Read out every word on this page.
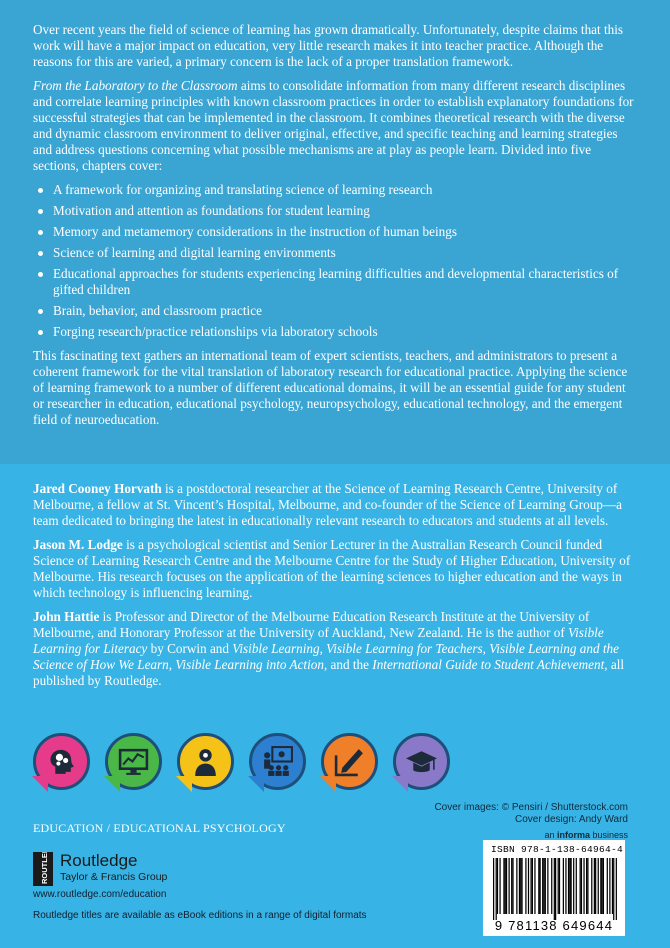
Over recent years the field of science of learning has grown dramatically. Unfortunately, despite claims that this work will have a major impact on education, very little research makes it into teacher practice. Although the reasons for this are varied, a primary concern is the lack of a proper translation framework.

From the Laboratory to the Classroom aims to consolidate information from many different research disciplines and correlate learning principles with known classroom practices in order to establish explanatory foundations for successful strategies that can be implemented in the classroom. It combines theoretical research with the diverse and dynamic classroom environment to deliver original, effective, and specific teaching and learning strategies and address questions concerning what possible mechanisms are at play as people learn. Divided into five sections, chapters cover:

A framework for organizing and translating science of learning research
Motivation and attention as foundations for student learning
Memory and metamemory considerations in the instruction of human beings
Science of learning and digital learning environments
Educational approaches for students experiencing learning difficulties and developmental characteristics of gifted children
Brain, behavior, and classroom practice
Forging research/practice relationships via laboratory schools

This fascinating text gathers an international team of expert scientists, teachers, and administrators to present a coherent framework for the vital translation of laboratory research for educational practice. Applying the science of learning framework to a number of different educational domains, it will be an essential guide for any student or researcher in education, educational psychology, neuropsychology, educational technology, and the emergent field of neuroeducation.

Jared Cooney Horvath is a postdoctoral researcher at the Science of Learning Research Centre, University of Melbourne, a fellow at St. Vincent’s Hospital, Melbourne, and co-founder of the Science of Learning Group—a team dedicated to bringing the latest in educationally relevant research to educators and students at all levels.

Jason M. Lodge is a psychological scientist and Senior Lecturer in the Australian Research Council funded Science of Learning Research Centre and the Melbourne Centre for the Study of Higher Education, University of Melbourne. His research focuses on the application of the learning sciences to higher education and the ways in which technology is influencing learning.

John Hattie is Professor and Director of the Melbourne Education Research Institute at the University of Melbourne, and Honorary Professor at the University of Auckland, New Zealand. He is the author of Visible Learning for Literacy by Corwin and Visible Learning, Visible Learning for Teachers, Visible Learning and the Science of How We Learn, Visible Learning into Action, and the International Guide to Student Achievement, all published by Routledge.

EDUCATION / EDUCATIONAL PSYCHOLOGY
Cover images: © Pensiri / Shutterstock.com
Cover design: Andy Ward
an informa business
ROUTLEDGE Routledge
Taylor & Francis Group
www.routledge.com/education
Routledge titles are available as eBook editions in a range of digital formats
ISBN 978-1-138-64964-4
9 781138 649644
